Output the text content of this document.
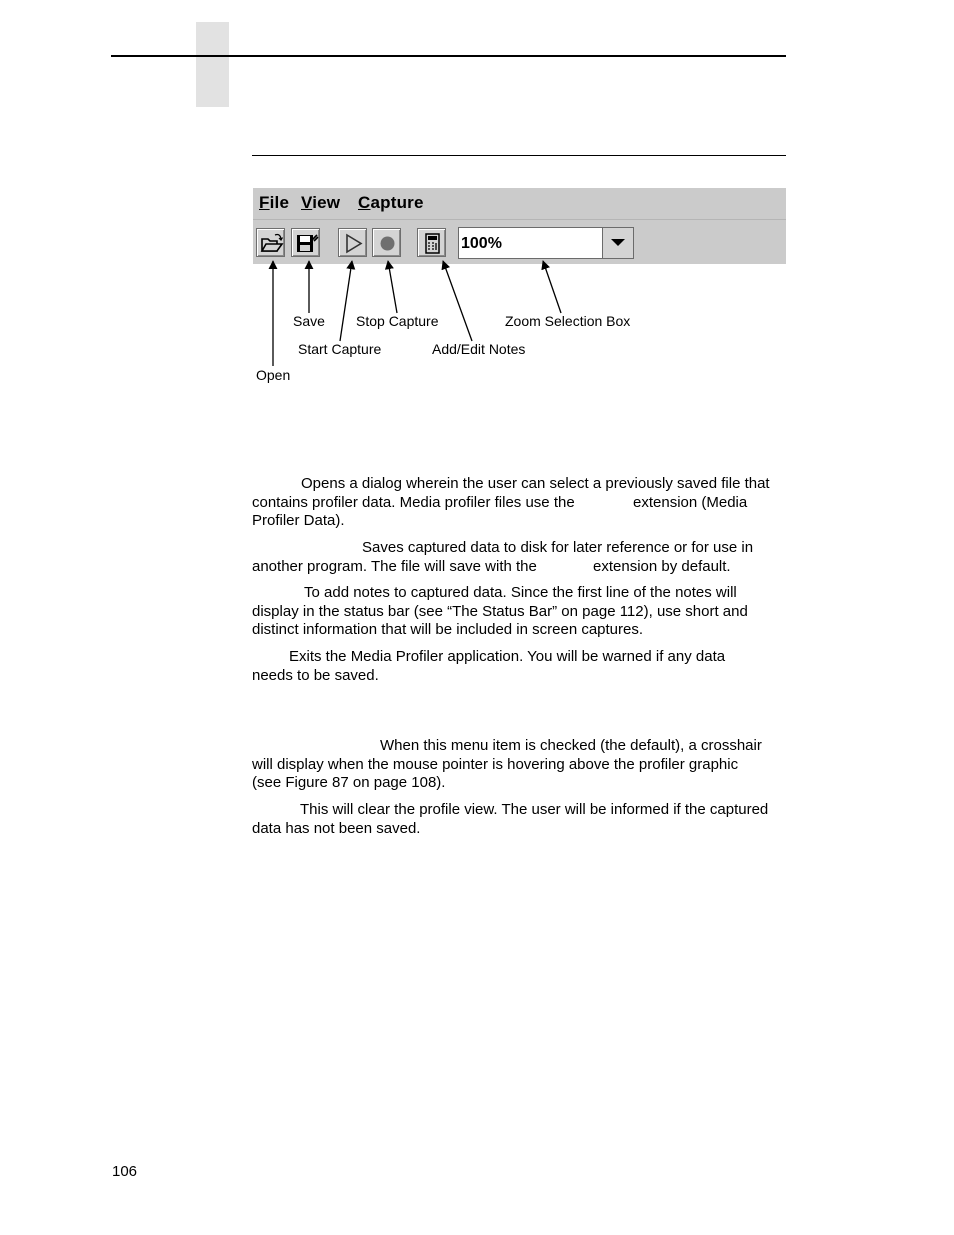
File View Capture
100%
Save Stop Capture	Zoom Selection Box
Start Capture	Add/Edit Notes
Open
Opens a dialog wherein the user can select a previously saved file that
contains profiler data. Media profiler files use the	extension (Media
Profiler Data).
Saves captured data to disk for later reference or for use in
another program. The file will save with the	extension by default.
To add notes to captured data. Since the first line of the notes will
display in the status bar (see “The Status Bar” on page 112), use short and
distinct information that will be included in screen captures.
Exits the Media Profiler application. You will be warned if any data
needs to be saved.
When this menu item is checked (the default), a crosshair
will display when the mouse pointer is hovering above the profiler graphic
(see Figure 87 on page 108).
This will clear the profile view. The user will be informed if the captured
data has not been saved.
106
